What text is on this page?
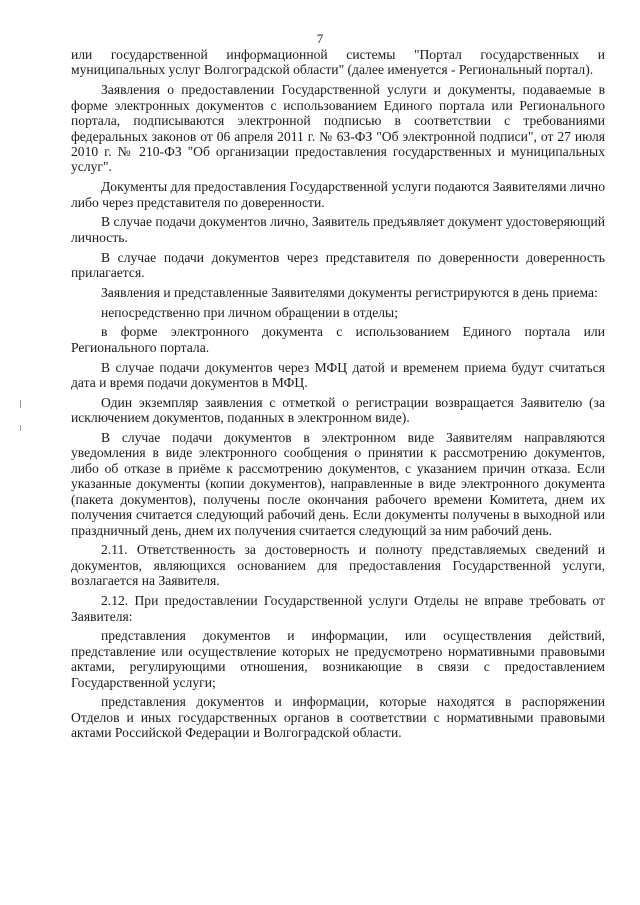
7

или государственной информационной системы "Портал государственных и муниципальных услуг Волгоградской области" (далее именуется - Региональный портал).

Заявления о предоставлении Государственной услуги и документы, подаваемые в форме электронных документов с использованием Единого портала или Регионального портала, подписываются электронной подписью в соответствии с требованиями федеральных законов от 06 апреля 2011 г. № 63-ФЗ "Об электронной подписи", от 27 июля 2010 г. № 210-ФЗ "Об организации предоставления государственных и муниципальных услуг".

Документы для предоставления Государственной услуги подаются Заявителями лично либо через представителя по доверенности.

В случае подачи документов лично, Заявитель предъявляет документ удостоверяющий личность.

В случае подачи документов через представителя по доверенности доверенность прилагается.

Заявления и представленные Заявителями документы регистрируются в день приема:

непосредственно при личном обращении в отделы;

в форме электронного документа с использованием Единого портала или Регионального портала.

В случае подачи документов через МФЦ датой и временем приема будут считаться дата и время подачи документов в МФЦ.

Один экземпляр заявления с отметкой о регистрации возвращается Заявителю (за исключением документов, поданных в электронном виде).

В случае подачи документов в электронном виде Заявителям направляются уведомления в виде электронного сообщения о принятии к рассмотрению документов, либо об отказе в приёме к рассмотрению документов, с указанием причин отказа. Если указанные документы (копии документов), направленные в виде электронного документа (пакета документов), получены после окончания рабочего времени Комитета, днем их получения считается следующий рабочий день. Если документы получены в выходной или праздничный день, днем их получения считается следующий за ним рабочий день.

2.11. Ответственность за достоверность и полноту представляемых сведений и документов, являющихся основанием для предоставления Государственной услуги, возлагается на Заявителя.

2.12. При предоставлении Государственной услуги Отделы не вправе требовать от Заявителя:

представления документов и информации, или осуществления действий, представление или осуществление которых не предусмотрено нормативными правовыми актами, регулирующими отношения, возникающие в связи с предоставлением Государственной услуги;

представления документов и информации, которые находятся в распоряжении Отделов и иных государственных органов в соответствии с нормативными правовыми актами Российской Федерации и Волгоградской области.
